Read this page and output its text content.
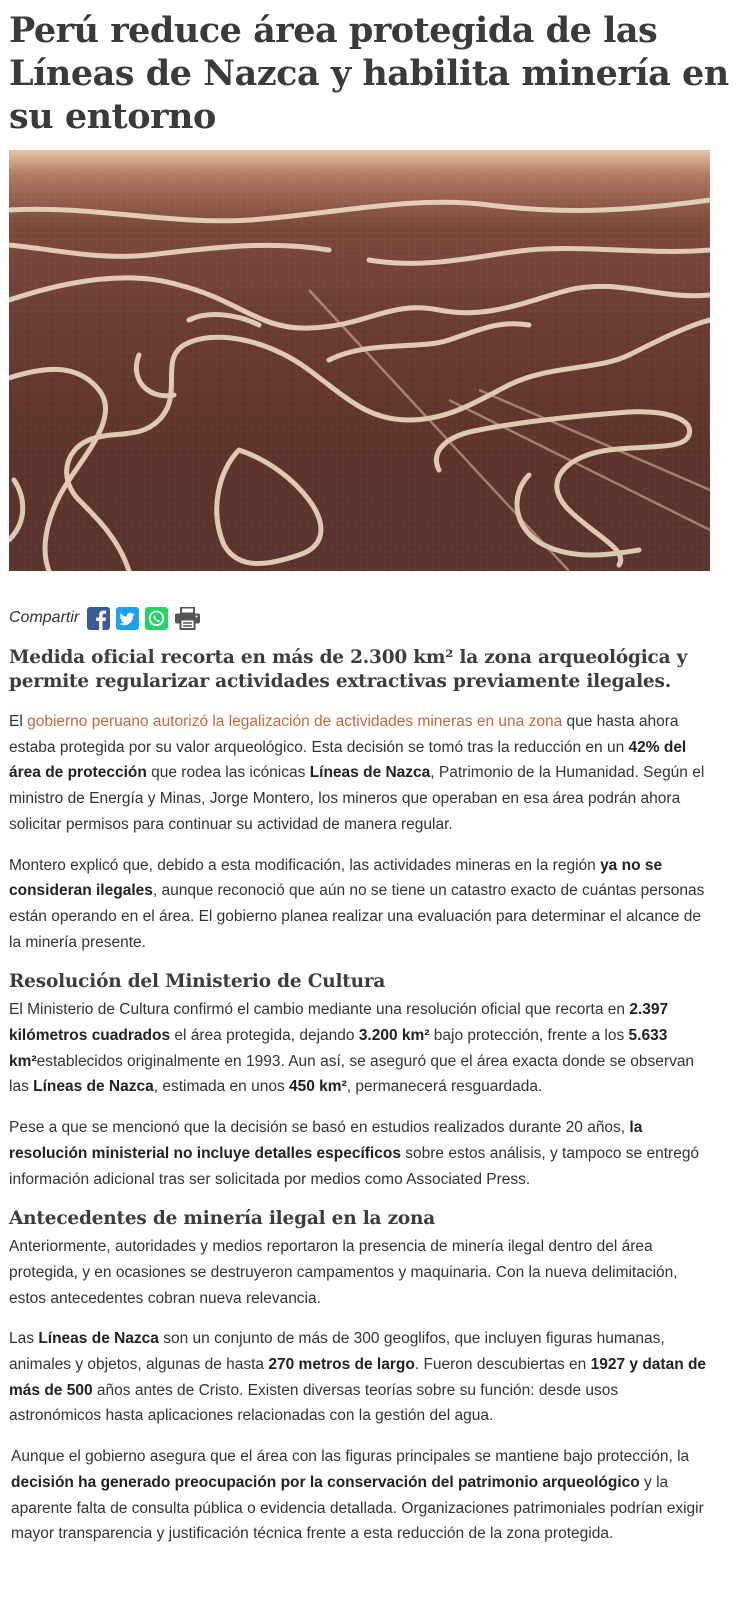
Perú reduce área protegida de las Líneas de Nazca y habilita minería en su entorno
Compartir
Medida oficial recorta en más de 2.300 km² la zona arqueológica y permite regularizar actividades extractivas previamente ilegales.

El gobierno peruano autorizó la legalización de actividades mineras en una zona que hasta ahora estaba protegida por su valor arqueológico. Esta decisión se tomó tras la reducción en un 42% del área de protección que rodea las icónicas Líneas de Nazca, Patrimonio de la Humanidad. Según el ministro de Energía y Minas, Jorge Montero, los mineros que operaban en esa área podrán ahora solicitar permisos para continuar su actividad de manera regular.

Montero explicó que, debido a esta modificación, las actividades mineras en la región ya no se consideran ilegales, aunque reconoció que aún no se tiene un catastro exacto de cuántas personas están operando en el área. El gobierno planea realizar una evaluación para determinar el alcance de la minería presente.

Resolución del Ministerio de Cultura

El Ministerio de Cultura confirmó el cambio mediante una resolución oficial que recorta en 2.397 kilómetros cuadrados el área protegida, dejando 3.200 km² bajo protección, frente a los 5.633 km²establecidos originalmente en 1993. Aun así, se aseguró que el área exacta donde se observan las Líneas de Nazca, estimada en unos 450 km², permanecerá resguardada.

Pese a que se mencionó que la decisión se basó en estudios realizados durante 20 años, la resolución ministerial no incluye detalles específicos sobre estos análisis, y tampoco se entregó información adicional tras ser solicitada por medios como Associated Press.

Antecedentes de minería ilegal en la zona

Anteriormente, autoridades y medios reportaron la presencia de minería ilegal dentro del área protegida, y en ocasiones se destruyeron campamentos y maquinaria. Con la nueva delimitación, estos antecedentes cobran nueva relevancia.

Las Líneas de Nazca son un conjunto de más de 300 geoglifos, que incluyen figuras humanas, animales y objetos, algunas de hasta 270 metros de largo. Fueron descubiertas en 1927 y datan de más de 500 años antes de Cristo. Existen diversas teorías sobre su función: desde usos astronómicos hasta aplicaciones relacionadas con la gestión del agua.

Aunque el gobierno asegura que el área con las figuras principales se mantiene bajo protección, la decisión ha generado preocupación por la conservación del patrimonio arqueológico y la aparente falta de consulta pública o evidencia detallada. Organizaciones patrimoniales podrían exigir mayor transparencia y justificación técnica frente a esta reducción de la zona protegida.
